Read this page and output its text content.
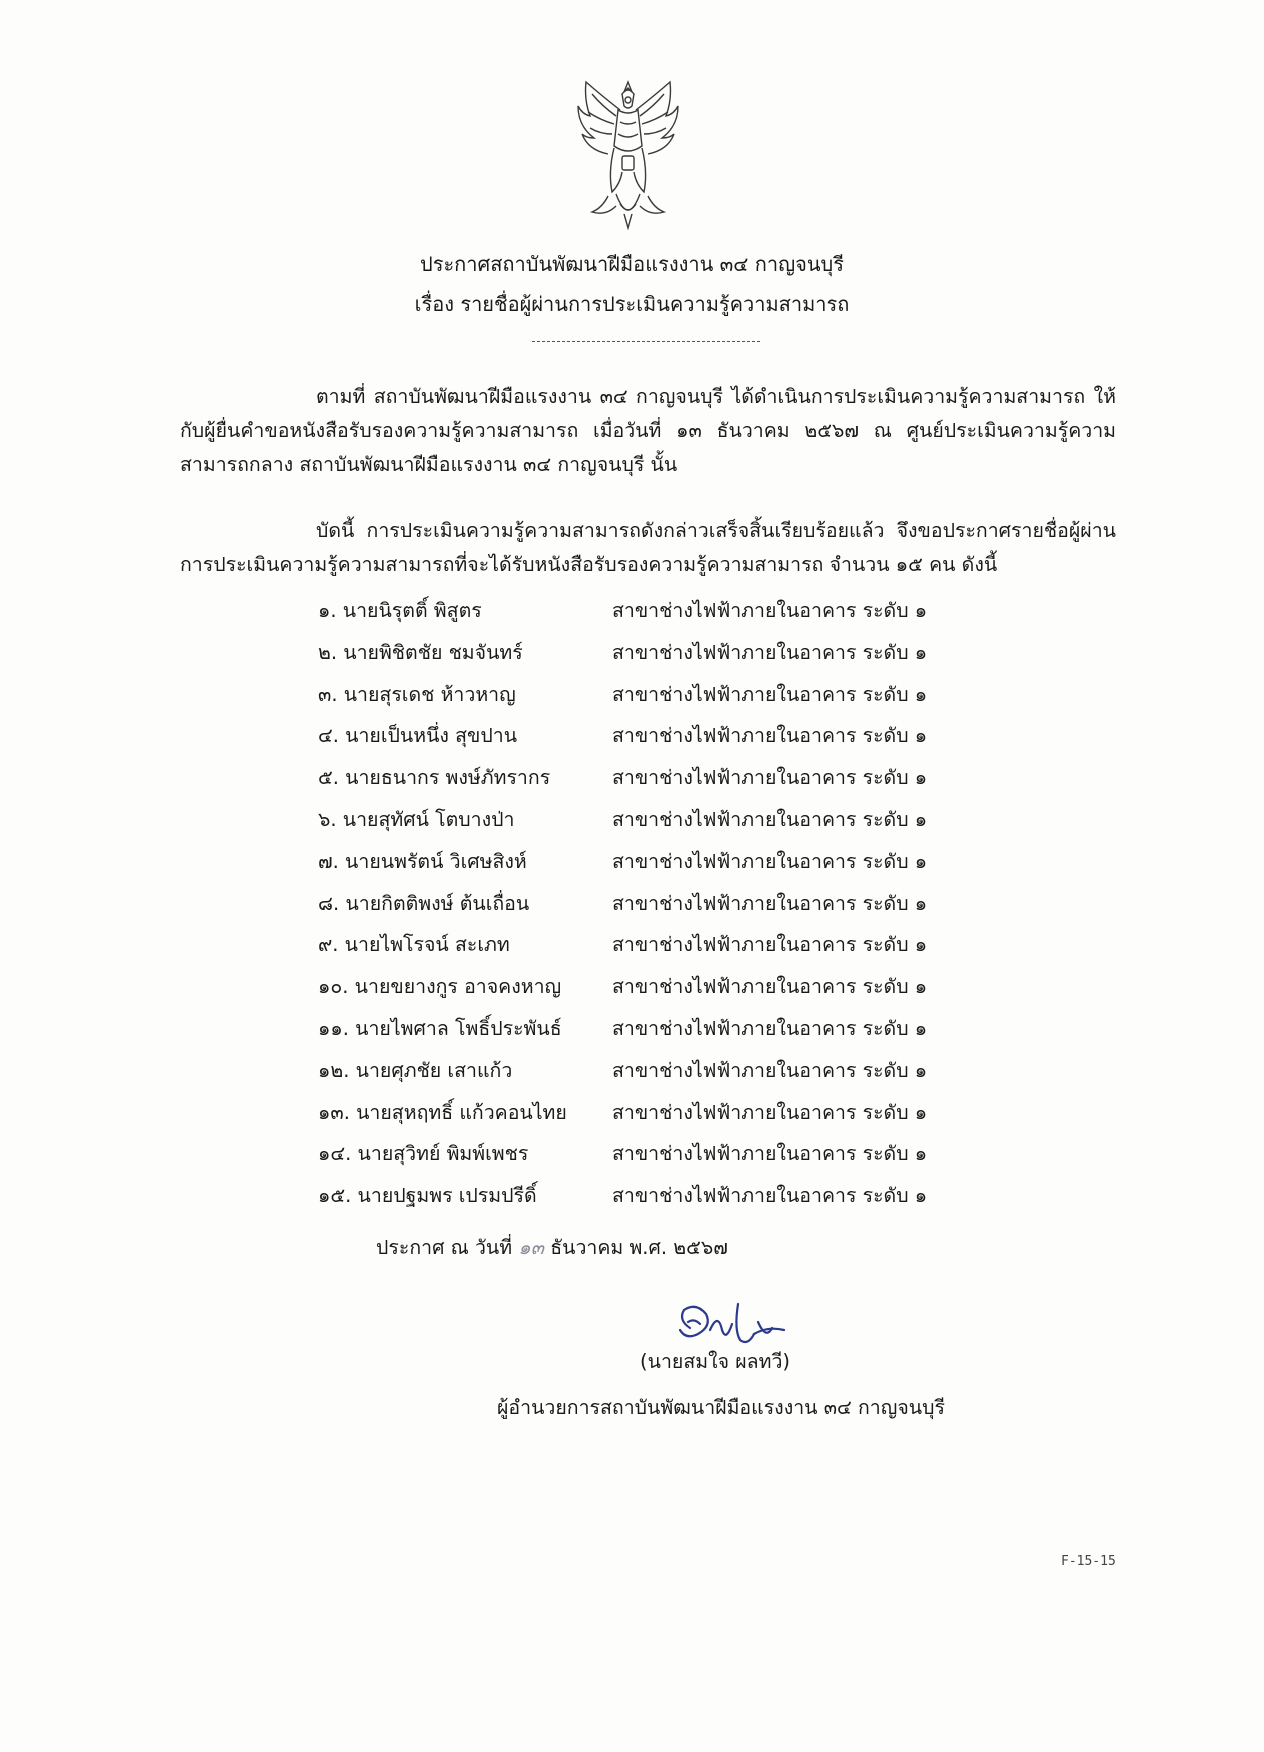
ประกาศสถาบันพัฒนาฝีมือแรงงาน ๓๔ กาญจนบุรี
เรื่อง รายชื่อผู้ผ่านการประเมินความรู้ความสามารถ
ตามที่ สถาบันพัฒนาฝีมือแรงงาน ๓๔ กาญจนบุรี ได้ดำเนินการประเมินความรู้ความสามารถ ให้กับผู้ยื่นคำขอหนังสือรับรองความรู้ความสามารถ เมื่อวันที่ ๑๓ ธันวาคม ๒๕๖๗ ณ ศูนย์ประเมินความรู้ความสามารถกลาง สถาบันพัฒนาฝีมือแรงงาน ๓๔ กาญจนบุรี นั้น
บัดนี้ การประเมินความรู้ความสามารถดังกล่าวเสร็จสิ้นเรียบร้อยแล้ว จึงขอประกาศรายชื่อผู้ผ่านการประเมินความรู้ความสามารถที่จะได้รับหนังสือรับรองความรู้ความสามารถ จำนวน ๑๕ คน ดังนี้
๑. นายนิรุตติ์ พิสูตร	สาขาช่างไฟฟ้าภายในอาคาร ระดับ ๑
๒. นายพิชิตชัย ชมจันทร์	สาขาช่างไฟฟ้าภายในอาคาร ระดับ ๑
๓. นายสุรเดช ห้าวหาญ	สาขาช่างไฟฟ้าภายในอาคาร ระดับ ๑
๔. นายเป็นหนึ่ง สุขปาน	สาขาช่างไฟฟ้าภายในอาคาร ระดับ ๑
๕. นายธนากร พงษ์ภัทรากร	สาขาช่างไฟฟ้าภายในอาคาร ระดับ ๑
๖. นายสุทัศน์ โตบางป่า	สาขาช่างไฟฟ้าภายในอาคาร ระดับ ๑
๗. นายนพรัตน์ วิเศษสิงห์	สาขาช่างไฟฟ้าภายในอาคาร ระดับ ๑
๘. นายกิตติพงษ์ ต้นเถื่อน	สาขาช่างไฟฟ้าภายในอาคาร ระดับ ๑
๙. นายไพโรจน์ สะเภท	สาขาช่างไฟฟ้าภายในอาคาร ระดับ ๑
๑๐. นายขยางกูร อาจคงหาญ	สาขาช่างไฟฟ้าภายในอาคาร ระดับ ๑
๑๑. นายไพศาล โพธิ์ประพันธ์	สาขาช่างไฟฟ้าภายในอาคาร ระดับ ๑
๑๒. นายศุภชัย เสาแก้ว	สาขาช่างไฟฟ้าภายในอาคาร ระดับ ๑
๑๓. นายสุหฤทธิ์ แก้วคอนไทย สาขาช่างไฟฟ้าภายในอาคาร ระดับ ๑
๑๔. นายสุวิทย์ พิมพ์เพชร	สาขาช่างไฟฟ้าภายในอาคาร ระดับ ๑
๑๕. นายปฐมพร เปรมปรีดิ์	สาขาช่างไฟฟ้าภายในอาคาร ระดับ ๑
ประกาศ ณ วันที่ ๑๓ ธันวาคม พ.ศ. ๒๕๖๗
(นายสมใจ ผลทวี)
ผู้อำนวยการสถาบันพัฒนาฝีมือแรงงาน ๓๔ กาญจนบุรี
F-15-15
